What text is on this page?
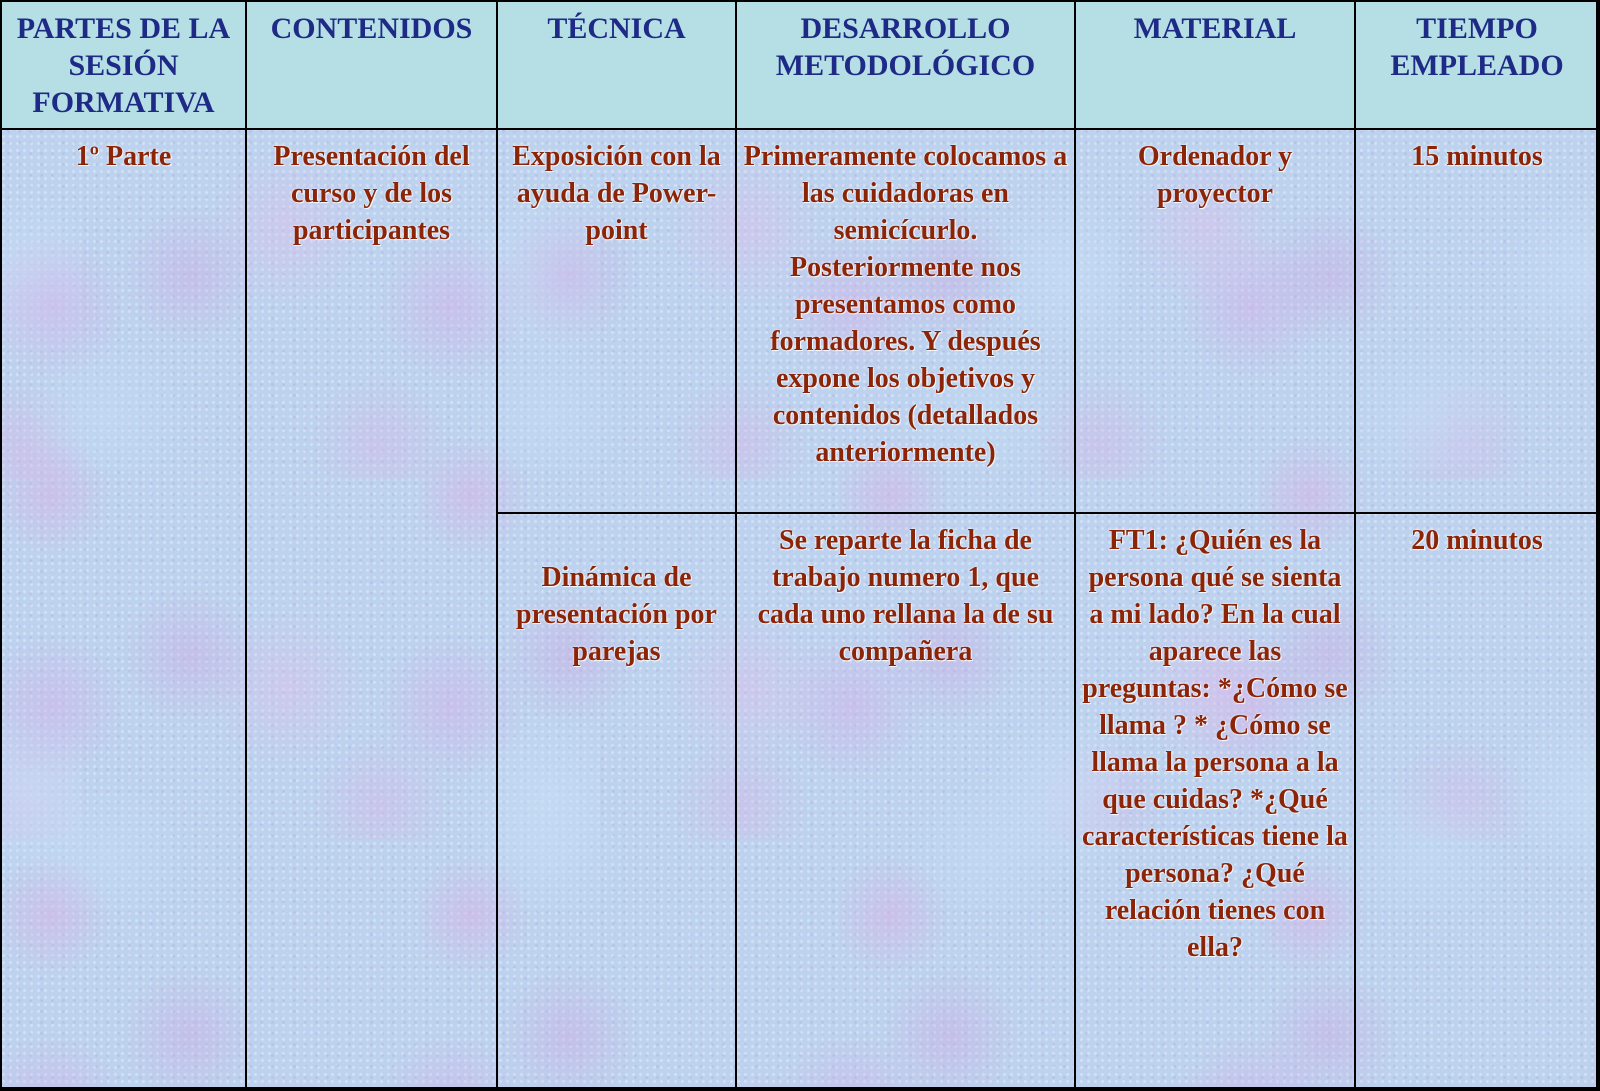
PARTES DE LA SESIÓN FORMATIVA	CONTENIDOS	TÉCNICA	DESARROLLO METODOLÓGICO	MATERIAL	TIEMPO EMPLEADO
1º Parte	Presentación del curso y de los participantes	Exposición con la ayuda de Power- point	Primeramente colocamos a las cuidadoras en semicícurlo. Posteriormente nos presentamos como formadores. Y después expone los objetivos y contenidos (detallados anteriormente)	Ordenador y proyector	15 minutos
		Dinámica de presentación por parejas	Se reparte la ficha de trabajo numero 1, que cada uno rellana la de su compañera	FT1: ¿Quién es la persona qué se sienta a mi lado? En la cual aparece las preguntas: *¿Cómo se llama ? * ¿Cómo se llama la persona a la que cuidas? *¿Qué características tiene la persona? ¿Qué relación tienes con ella?	20 minutos
